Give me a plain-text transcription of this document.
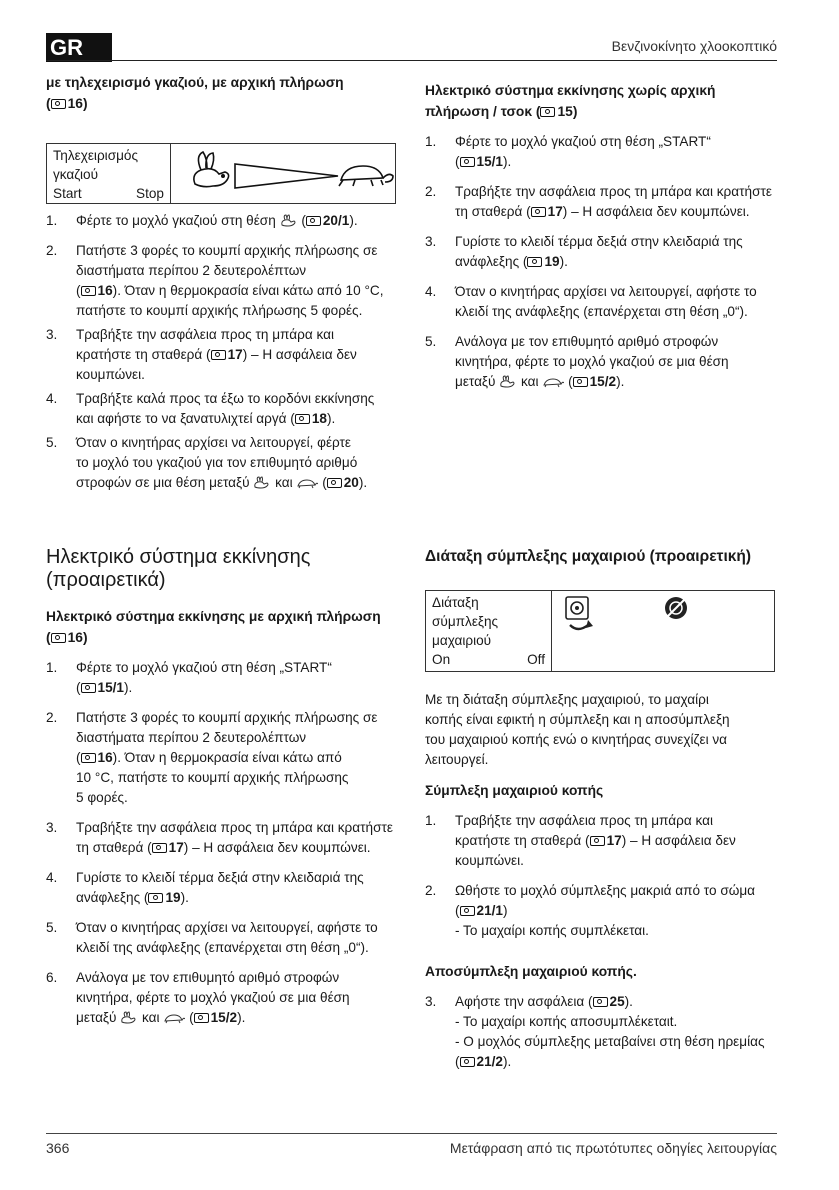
GR	Βενζινοκίνητο χλοοκοπτικό
366	Μετάφραση από τις πρωτότυπες οδηγίες λειτουργίας

με τηλεχειρισμό γκαζιού, με αρχική πλήρωση

( 16)

Τηλεχειρισμός
γκαζιού
Start	Stop
1. Φέρτε το μοχλό γκαζιού στη θέση  ( 20/1).
2. Πατήστε 3 φορές το κουμπί αρχικής πλήρωσης σε
διαστήματα περίπου 2 δευτερολέπτων
( 16). Όταν η θερμοκρασία είναι κάτω από 10 °C,
πατήστε το κουμπί αρχικής πλήρωσης 5 φορές.
3. Τραβήξτε την ασφάλεια προς τη μπάρα και
κρατήστε τη σταθερά ( 17) – Η ασφάλεια δεν
κουμπώνει.
4. Τραβήξτε καλά προς τα έξω το κορδόνι εκκίνησης
και αφήστε το να ξανατυλιχτεί αργά ( 18).
5. Όταν ο κινητήρας αρχίσει να λειτουργεί, φέρτε
το μοχλό του γκαζιού για τον επιθυμητό αριθμό
στροφών σε μια θέση μεταξύ και  ( 20).
Ηλεκτρικό σύστημα εκκίνησης
(προαιρετικά)

Ηλεκτρικό σύστημα εκκίνησης με αρχική πλήρωση

( 16)

1. Φέρτε το μοχλό γκαζιού στη θέση „START“
( 15/1).
2. Πατήστε 3 φορές το κουμπί αρχικής πλήρωσης σε
διαστήματα περίπου 2 δευτερολέπτων
( 16). Όταν η θερμοκρασία είναι κάτω από
10 °C, πατήστε το κουμπί αρχικής πλήρωσης
5 φορές.
3. Τραβήξτε την ασφάλεια προς τη μπάρα και κρατήστε
τη σταθερά ( 17) – Η ασφάλεια δεν κουμπώνει.
4. Γυρίστε το κλειδί τέρμα δεξιά στην κλειδαριά της
ανάφλεξης ( 19).
5. Όταν ο κινητήρας αρχίσει να λειτουργεί, αφήστε το
κλειδί της ανάφλεξης (επανέρχεται στη θέση „0“).
6. Ανάλογα με τον επιθυμητό αριθμό στροφών
κινητήρα, φέρτε το μοχλό γκαζιού σε μια θέση
μεταξύ και  ( 15/2).

Ηλεκτρικό σύστημα εκκίνησης χωρίς αρχική

πλήρωση / τσοκ ( 15)

1. Φέρτε το μοχλό γκαζιού στη θέση „START“
( 15/1).
2. Τραβήξτε την ασφάλεια προς τη μπάρα και κρατήστε
τη σταθερά ( 17) – Η ασφάλεια δεν κουμπώνει.
3. Γυρίστε το κλειδί τέρμα δεξιά στην κλειδαριά της
ανάφλεξης ( 19).
4. Όταν ο κινητήρας αρχίσει να λειτουργεί, αφήστε το
κλειδί της ανάφλεξης (επανέρχεται στη θέση „0“).
5. Ανάλογα με τον επιθυμητό αριθμό στροφών
κινητήρα, φέρτε το μοχλό γκαζιού σε μια θέση
μεταξύ και  ( 15/2).
Διάταξη σύμπλεξης μαχαιριού (προαιρετική)
Διάταξη
σύμπλεξης
μαχαιριού
On	Off
Με τη διάταξη σύμπλεξης μαχαιριού, το μαχαίρι
κοπής είναι εφικτή η σύμπλεξη και η αποσύμπλεξη
του μαχαιριού κοπής ενώ ο κινητήρας συνεχίζει να
λειτουργεί.

Σύμπλεξη μαχαιριού κοπής

1. Τραβήξτε την ασφάλεια προς τη μπάρα και
κρατήστε τη σταθερά ( 17) – Η ασφάλεια δεν
κουμπώνει.
2. Ωθήστε το μοχλό σύμπλεξης μακριά από το σώμα
( 21/1)
- Το μαχαίρι κοπής συμπλέκεται.

Αποσύμπλεξη μαχαιριού κοπής.

3. Αφήστε την ασφάλεια ( 25).
- Το μαχαίρι κοπής αποσυμπλέκεταιt.
- Ο μοχλός σύμπλεξης μεταβαίνει στη θέση ηρεμίας
( 21/2).
